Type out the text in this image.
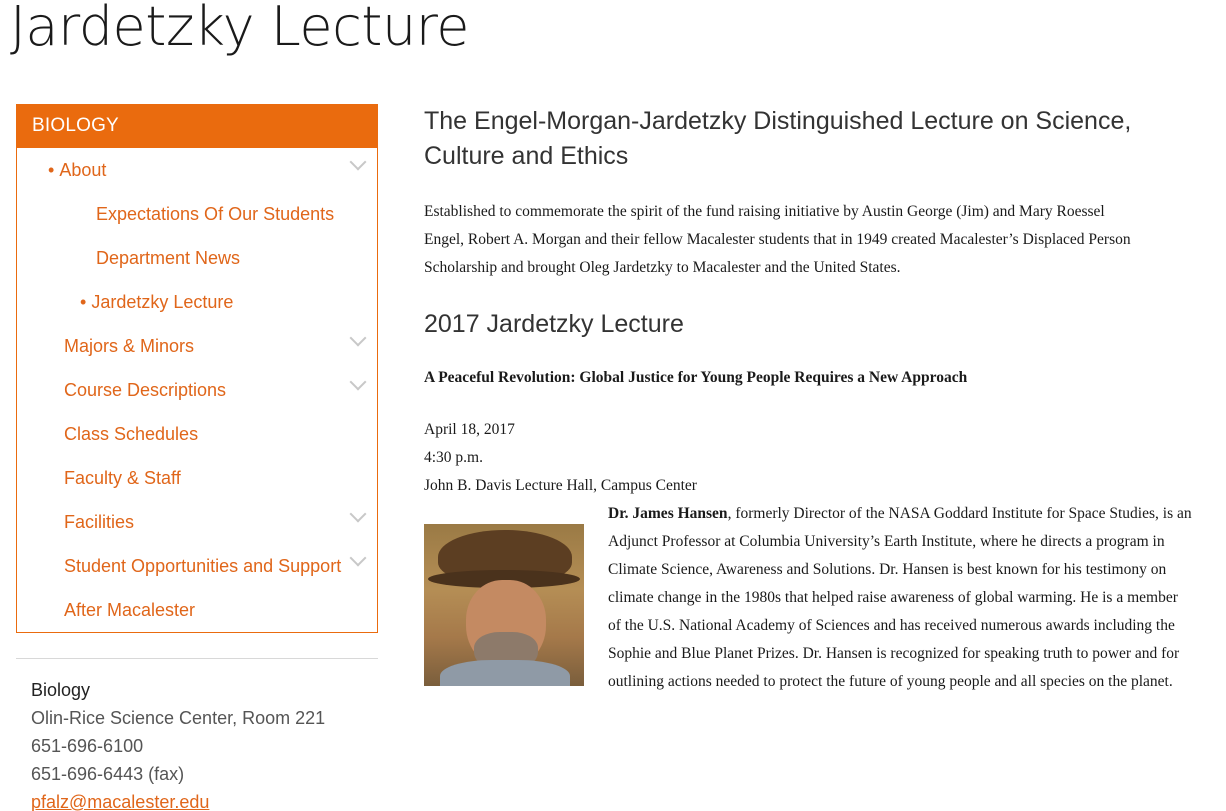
Jardetzky Lecture
BIOLOGY
• About
Expectations Of Our Students
Department News
• Jardetzky Lecture
Majors & Minors
Course Descriptions
Class Schedules
Faculty & Staff
Facilities
Student Opportunities and Support
After Macalester
Biology
Olin-Rice Science Center, Room 221
651-696-6100
651-696-6443 (fax)
pfalz@macalester.edu
The Engel-Morgan-Jardetzky Distinguished Lecture on Science, Culture and Ethics

Established to commemorate the spirit of the fund raising initiative by Austin George (Jim) and Mary Roessel Engel, Robert A. Morgan and their fellow Macalester students that in 1949 created Macalester’s Displaced Person Scholarship and brought Oleg Jardetzky to Macalester and the United States.

2017 Jardetzky Lecture

A Peaceful Revolution: Global Justice for Young People Requires a New Approach

April 18, 2017
4:30 p.m.
John B. Davis Lecture Hall, Campus Center

Dr. James Hansen, formerly Director of the NASA Goddard Institute for Space Studies, is an Adjunct Professor at Columbia University’s Earth Institute, where he directs a program in Climate Science, Awareness and Solutions. Dr. Hansen is best known for his testimony on climate change in the 1980s that helped raise awareness of global warming. He is a member of the U.S. National Academy of Sciences and has received numerous awards including the Sophie and Blue Planet Prizes. Dr. Hansen is recognized for speaking truth to power and for outlining actions needed to protect the future of young people and all species on the planet.
